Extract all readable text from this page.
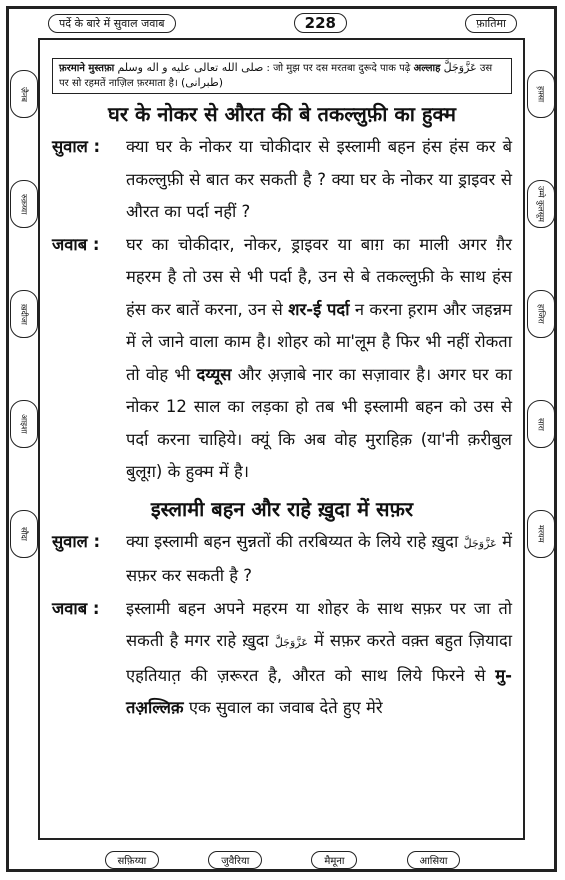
पर्दे के बारे में सुवाल जवाब	228	फ़ातिमा
ज़ैनब
रुक़य्या
ख़दीजा
आइशा
सौदा
ह़फ़्सा
उम्मे कुलसूम
हाजिरा
सारा
मरयम
फ़रमाने मुस्तफ़ा صلى الله تعالى عليه و اله وسلم : जो मुझ पर दस मरतबा दुरूदे पाक पढ़े अल्लाह عَزَّوَجَلَّ उस पर सो रहमतें नाज़िल फ़रमाता है। (طبرانی)
घर के नोकर से औरत की बे तकल्लुफ़ी का हुक्म
सुवाल :	क्या घर के नोकर या चोकीदार से इस्लामी बहन हंस हंस कर बे तकल्लुफ़ी से बात कर सकती है ? क्या घर के नोकर या ड्राइवर से औरत का पर्दा नहीं ?
जवाब :	घर का चोकीदार, नोकर, ड्राइवर या बाग़ का माली अगर ग़ैर महरम है तो उस से भी पर्दा है, उन से बे तकल्लुफ़ी के साथ हंस हंस कर बातें करना, उन से शर-ई पर्दा न करना ह़राम और जहन्नम में ले जाने वाला काम है। शोहर को मा'लूम है फिर भी नहीं रोकता तो वोह भी दय्यूस और अ़ज़ाबे नार का सज़ावार है। अगर घर का नोकर 12 साल का लड़का हो तब भी इस्लामी बहन को उस से पर्दा करना चाहिये। क्यूं कि अब वोह मुराहिक़ (या'नी क़रीबुल बुलूग़) के हुक्म में है।
इस्लामी बहन और राहे ख़ुदा में सफ़र
सुवाल :	क्या इस्लामी बहन सुन्नतों की तरबिय्यत के लिये राहे ख़ुदा عَزَّوَجَلَّ में सफ़र कर सकती है ?
जवाब :	इस्लामी बहन अपने महरम या शोहर के साथ सफ़र पर जा तो सकती है मगर राहे ख़ुदा عَزَّوَجَلَّ में सफ़र करते वक़्त बहुत ज़ियादा एहतियात़ की ज़रूरत है, औरत को साथ लिये फिरने से मु-तअ़ल्लिक़ एक सुवाल का जवाब देते हुए मेरे
सफ़िय्या	जुवैरिया	मैमूना	आसिया
